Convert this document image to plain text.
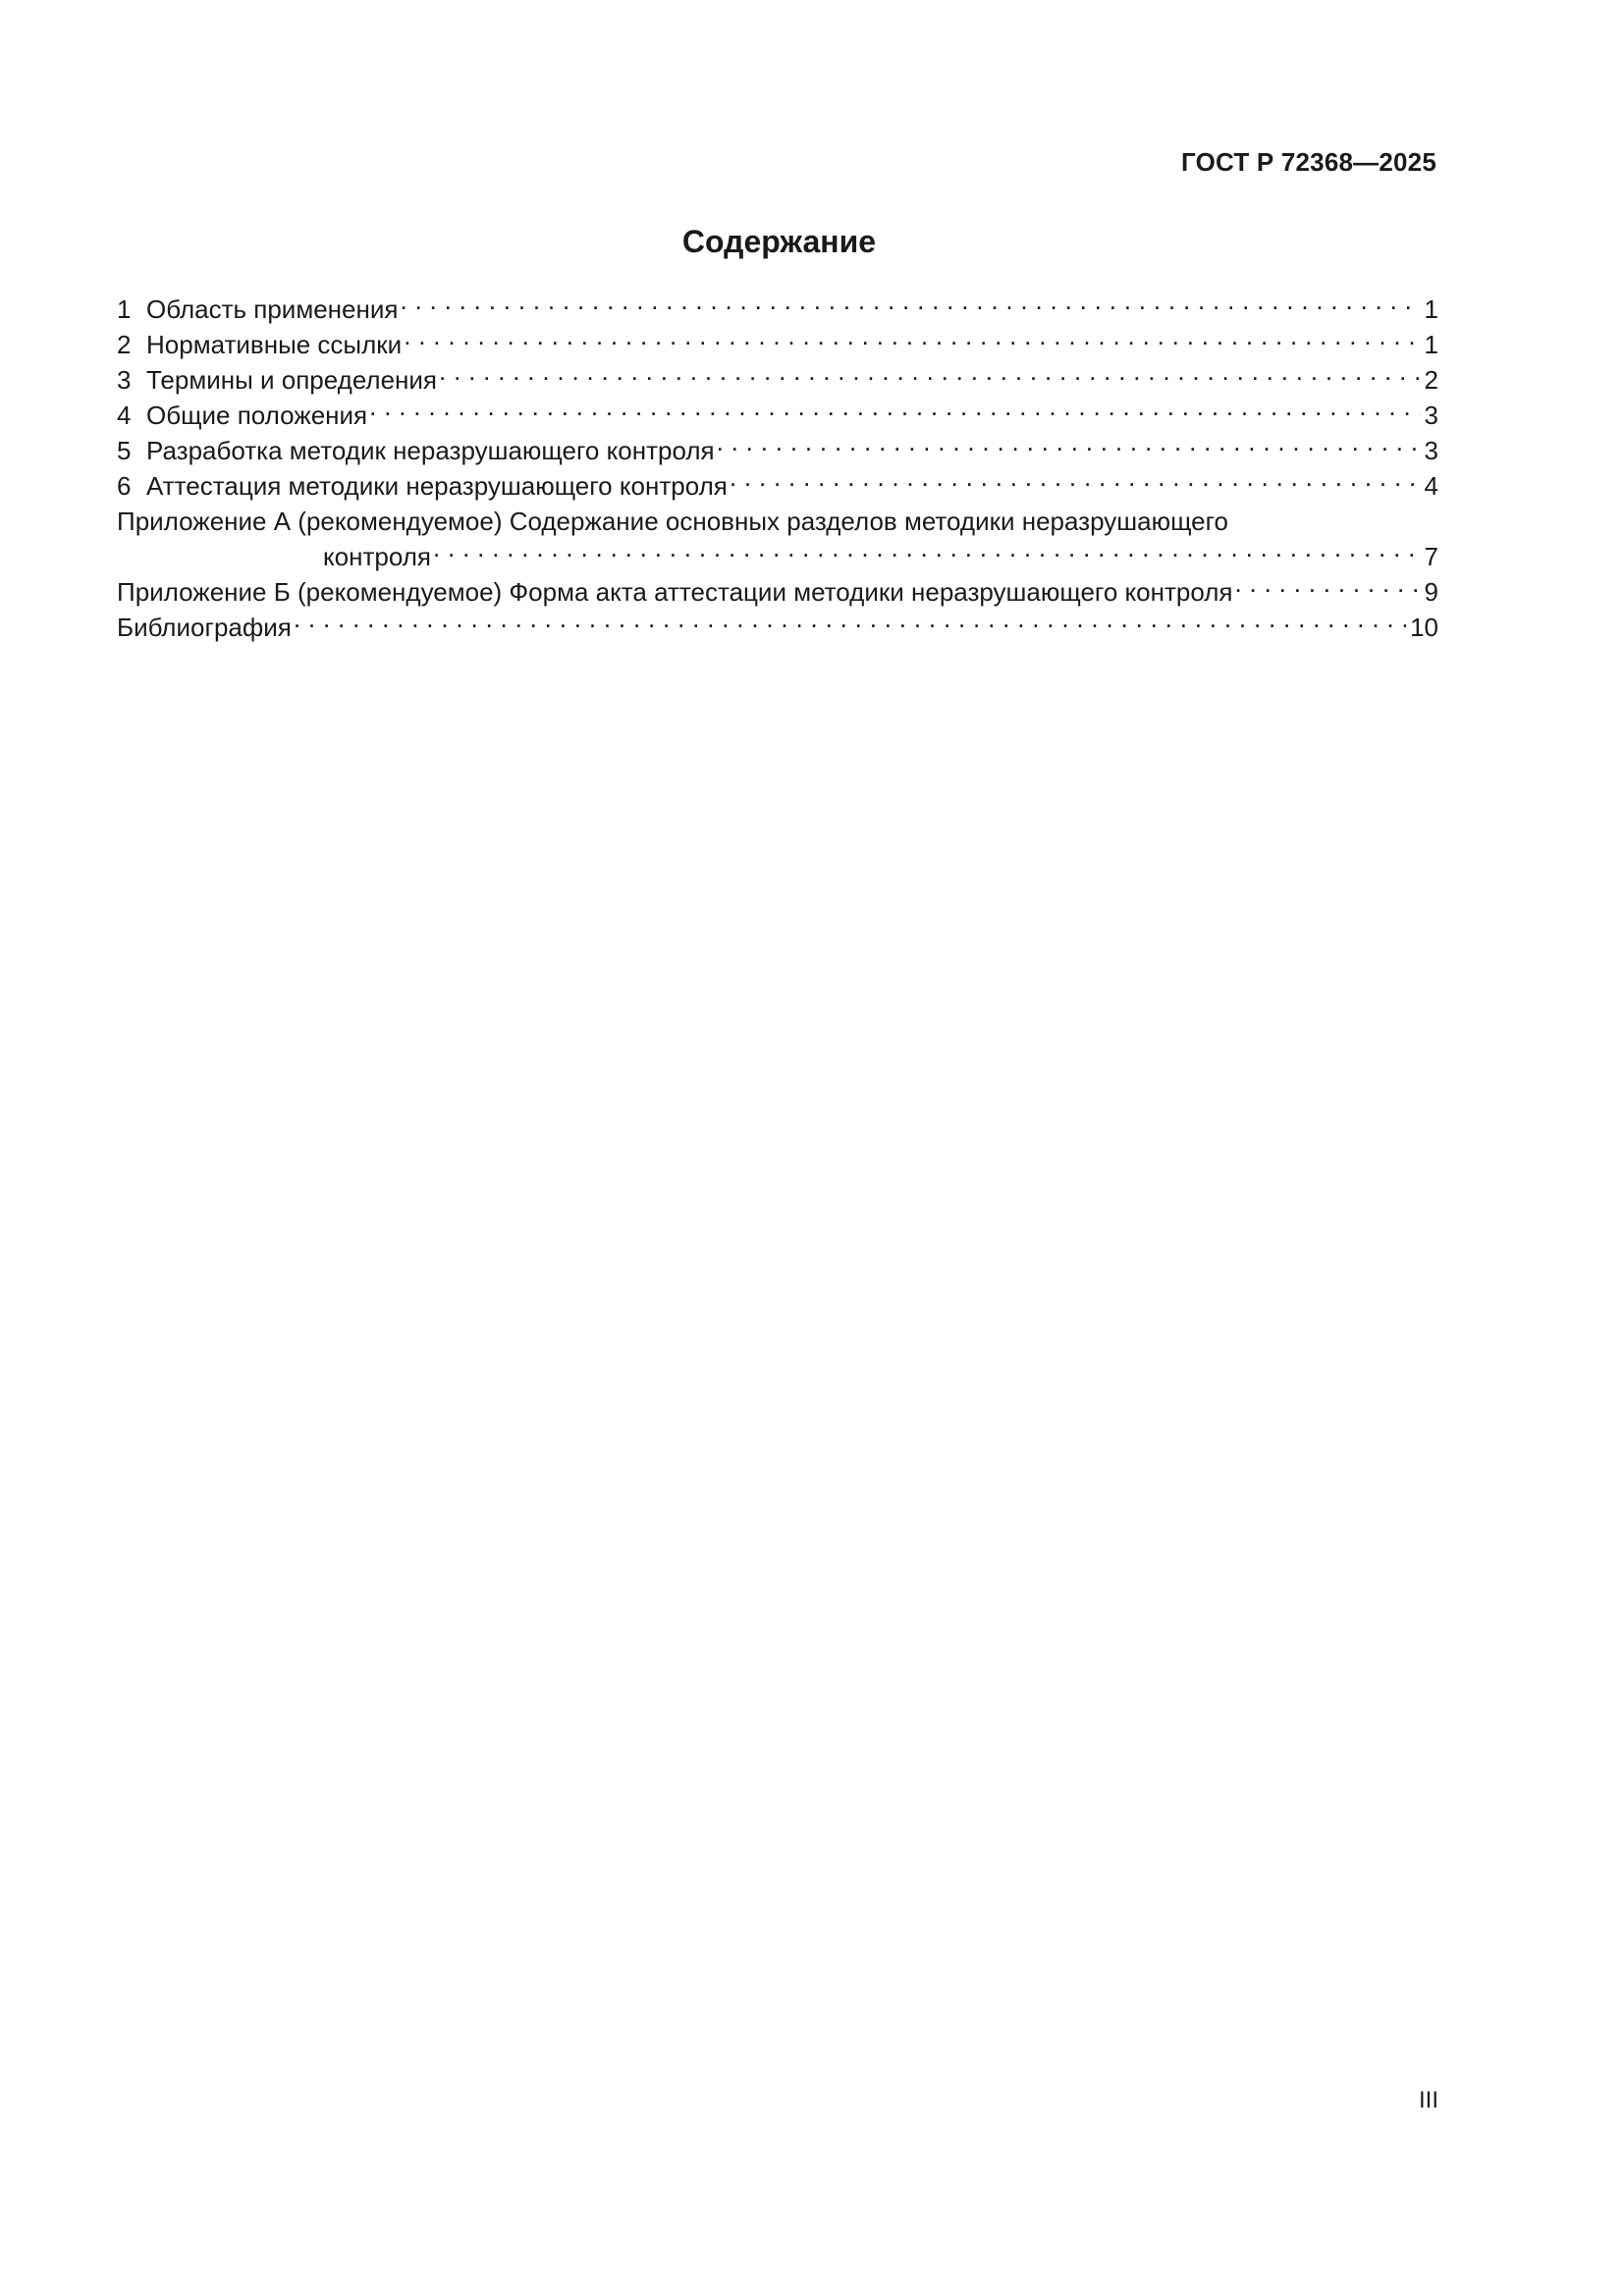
ГОСТ Р 72368—2025
Содержание
1 Область применения . . .	1
2 Нормативные ссылки . . .	1
3 Термины и определения . . .	2
4 Общие положения . . .	3
5 Разработка методик неразрушающего контроля . . .	3
6 Аттестация методики неразрушающего контроля . . .	4
Приложение А (рекомендуемое) Содержание основных разделов методики неразрушающего
контроля . . .	7
Приложение Б (рекомендуемое) Форма акта аттестации методики неразрушающего контроля . . .	9
Библиография . . .	10
III
